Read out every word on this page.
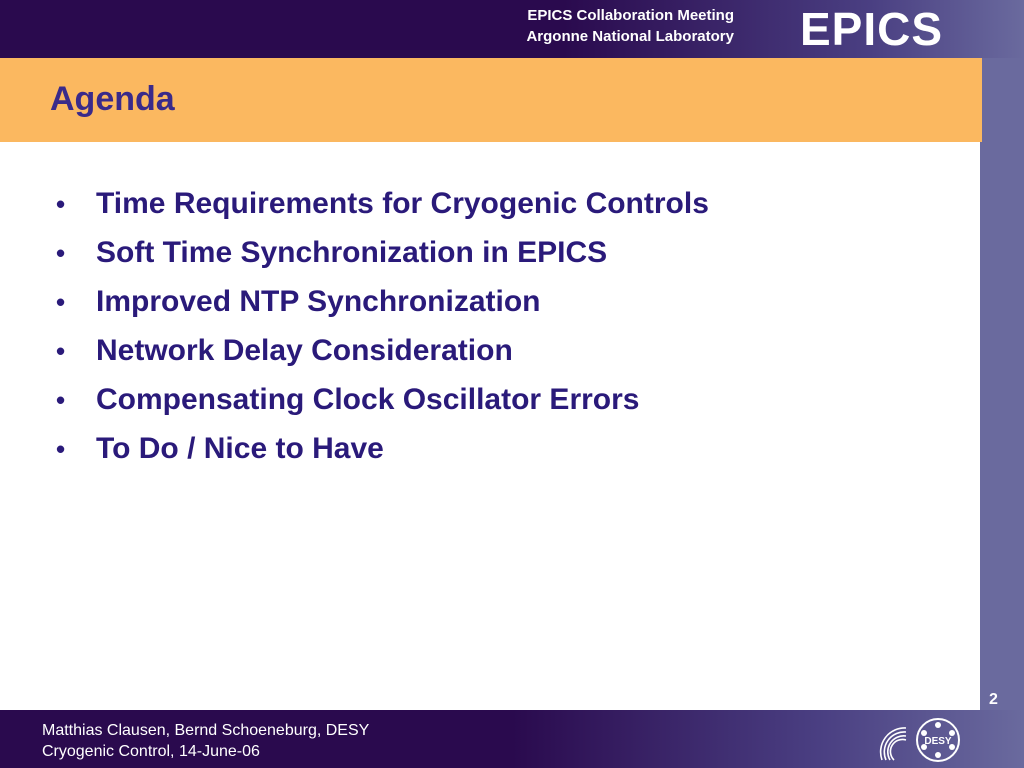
EPICS Collaboration Meeting
Argonne National Laboratory EPICS
Agenda
•	Time Requirements for Cryogenic Controls
•	Soft Time Synchronization in EPICS
•	Improved NTP Synchronization
•	Network Delay Consideration
•	Compensating Clock Oscillator Errors
•	To Do / Nice to Have
2
Matthias Clausen, Bernd Schoeneburg, DESY
Cryogenic Control, 14-June-06
DESY
